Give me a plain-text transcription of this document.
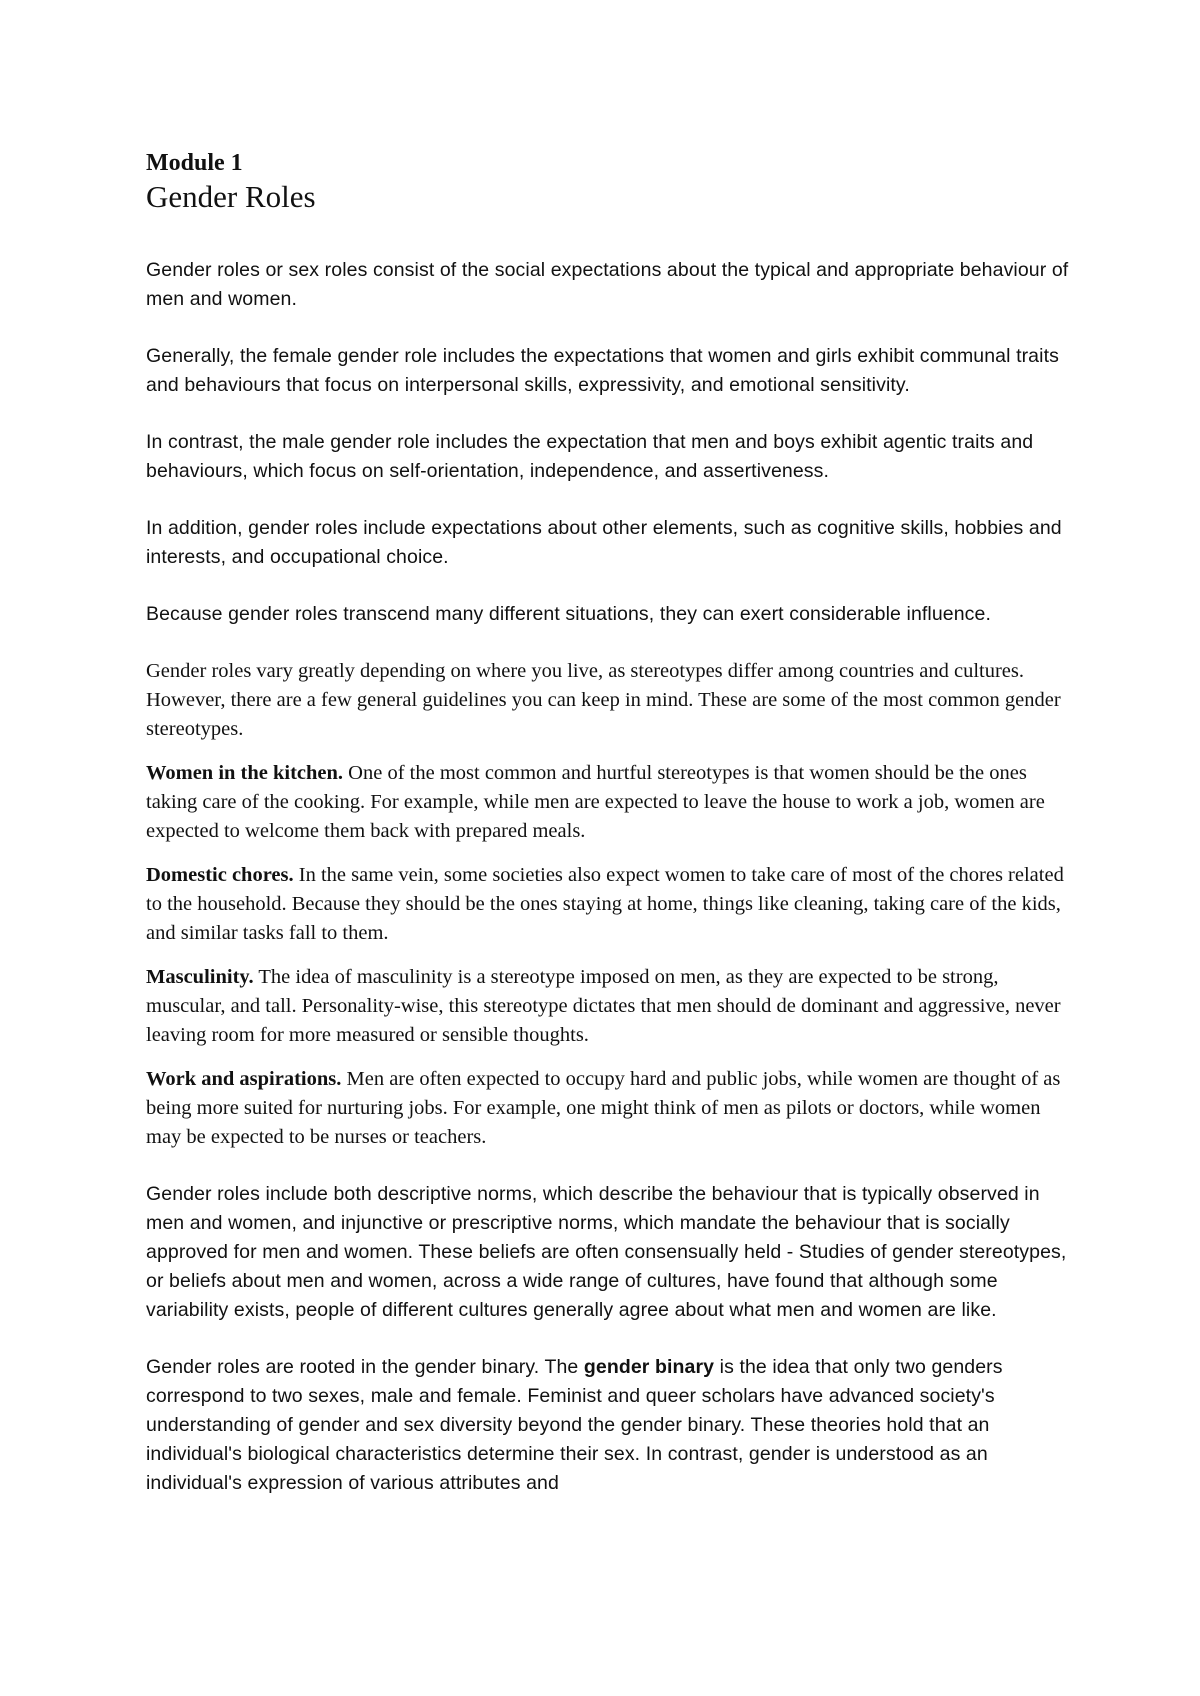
Module 1
Gender Roles

Gender roles or sex roles consist of the social expectations about the typical and appropriate behaviour of men and women.

Generally, the female gender role includes the expectations that women and girls exhibit communal traits and behaviours that focus on interpersonal skills, expressivity, and emotional sensitivity.

In contrast, the male gender role includes the expectation that men and boys exhibit agentic traits and behaviours, which focus on self-orientation, independence, and assertiveness.

In addition, gender roles include expectations about other elements, such as cognitive skills, hobbies and interests, and occupational choice.

Because gender roles transcend many different situations, they can exert considerable influence.

Gender roles vary greatly depending on where you live, as stereotypes differ among countries and cultures. However, there are a few general guidelines you can keep in mind. These are some of the most common gender stereotypes.

Women in the kitchen. One of the most common and hurtful stereotypes is that women should be the ones taking care of the cooking. For example, while men are expected to leave the house to work a job, women are expected to welcome them back with prepared meals.

Domestic chores. In the same vein, some societies also expect women to take care of most of the chores related to the household. Because they should be the ones staying at home, things like cleaning, taking care of the kids, and similar tasks fall to them.

Masculinity. The idea of masculinity is a stereotype imposed on men, as they are expected to be strong, muscular, and tall. Personality-wise, this stereotype dictates that men should de dominant and aggressive, never leaving room for more measured or sensible thoughts.

Work and aspirations. Men are often expected to occupy hard and public jobs, while women are thought of as being more suited for nurturing jobs. For example, one might think of men as pilots or doctors, while women may be expected to be nurses or teachers.

Gender roles include both descriptive norms, which describe the behaviour that is typically observed in men and women, and injunctive or prescriptive norms, which mandate the behaviour that is socially approved for men and women. These beliefs are often consensually held - Studies of gender stereotypes, or beliefs about men and women, across a wide range of cultures, have found that although some variability exists, people of different cultures generally agree about what men and women are like.

Gender roles are rooted in the gender binary. The gender binary is the idea that only two genders correspond to two sexes, male and female. Feminist and queer scholars have advanced society's understanding of gender and sex diversity beyond the gender binary. These theories hold that an individual's biological characteristics determine their sex. In contrast, gender is understood as an individual's expression of various attributes and
